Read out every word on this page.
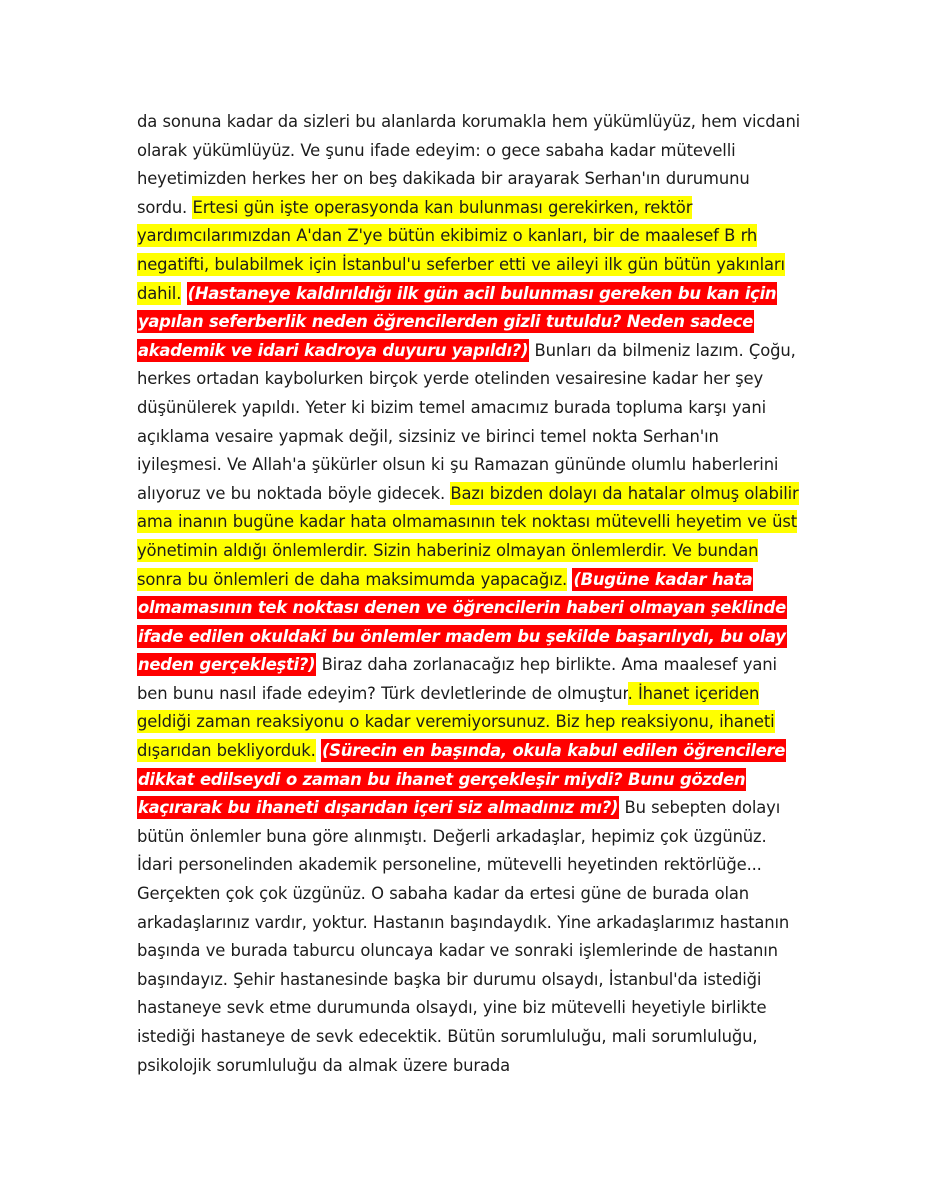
da sonuna kadar da sizleri bu alanlarda korumakla hem yükümlüyüz, hem vicdani olarak yükümlüyüz. Ve şunu ifade edeyim: o gece sabaha kadar mütevelli heyetimizden herkes her on beş dakikada bir arayarak Serhan'ın durumunu sordu. Ertesi gün işte operasyonda kan bulunması gerekirken, rektör yardımcılarımızdan A'dan Z'ye bütün ekibimiz o kanları, bir de maalesef B rh negatifti, bulabilmek için İstanbul'u seferber etti ve aileyi ilk gün bütün yakınları dahil. (Hastaneye kaldırıldığı ilk gün acil bulunması gereken bu kan için yapılan seferberlik neden öğrencilerden gizli tutuldu? Neden sadece akademik ve idari kadroya duyuru yapıldı?) Bunları da bilmeniz lazım. Çoğu, herkes ortadan kaybolurken birçok yerde otelinden vesairesine kadar her şey düşünülerek yapıldı. Yeter ki bizim temel amacımız burada topluma karşı yani açıklama vesaire yapmak değil, sizsiniz ve birinci temel nokta Serhan'ın iyileşmesi. Ve Allah'a şükürler olsun ki şu Ramazan gününde olumlu haberlerini alıyoruz ve bu noktada böyle gidecek. Bazı bizden dolayı da hatalar olmuş olabilir ama inanın bugüne kadar hata olmamasının tek noktası mütevelli heyetim ve üst yönetimin aldığı önlemlerdir. Sizin haberiniz olmayan önlemlerdir. Ve bundan sonra bu önlemleri de daha maksimumda yapacağız. (Bugüne kadar hata olmamasının tek noktası denen ve öğrencilerin haberi olmayan şeklinde ifade edilen okuldaki bu önlemler madem bu şekilde başarılıydı, bu olay neden gerçekleşti?) Biraz daha zorlanacağız hep birlikte. Ama maalesef yani ben bunu nasıl ifade edeyim? Türk devletlerinde de olmuştur. İhanet içeriden geldiği zaman reaksiyonu o kadar veremiyorsunuz. Biz hep reaksiyonu, ihaneti dışarıdan bekliyorduk. (Sürecin en başında, okula kabul edilen öğrencilere dikkat edilseydi o zaman bu ihanet gerçekleşir miydi? Bunu gözden kaçırarak bu ihaneti dışarıdan içeri siz almadınız mı?) Bu sebepten dolayı bütün önlemler buna göre alınmıştı. Değerli arkadaşlar, hepimiz çok üzgünüz. İdari personelinden akademik personeline, mütevelli heyetinden rektörlüğe... Gerçekten çok çok üzgünüz. O sabaha kadar da ertesi güne de burada olan arkadaşlarınız vardır, yoktur. Hastanın başındaydık. Yine arkadaşlarımız hastanın başında ve burada taburcu oluncaya kadar ve sonraki işlemlerinde de hastanın başındayız. Şehir hastanesinde başka bir durumu olsaydı, İstanbul'da istediği hastaneye sevk etme durumunda olsaydı, yine biz mütevelli heyetiyle birlikte istediği hastaneye de sevk edecektik. Bütün sorumluluğu, mali sorumluluğu, psikolojik sorumluluğu da almak üzere burada
